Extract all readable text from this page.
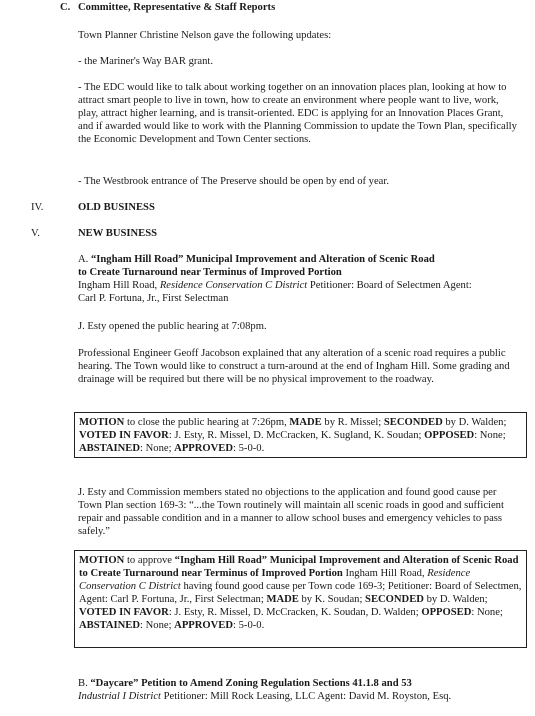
C. Committee, Representative & Staff Reports

Town Planner Christine Nelson gave the following updates:

- the Mariner's Way BAR grant.

- The EDC would like to talk about working together on an innovation places plan, looking at how to attract smart people to live in town, how to create an environment where people want to live, work, play, attract higher learning, and is transit-oriented. EDC is applying for an Innovation Places Grant, and if awarded would like to work with the Planning Commission to update the Town Plan, specifically the Economic Development and Town Center sections.

- The Westbrook entrance of The Preserve should be open by end of year.

IV.	OLD BUSINESS
V.	NEW BUSINESS
A. “Ingham Hill Road” Municipal Improvement and Alteration of Scenic Road
to Create Turnaround near Terminus of Improved Portion
Ingham Hill Road, Residence Conservation C District Petitioner: Board of Selectmen Agent:
Carl P. Fortuna, Jr., First Selectman

J. Esty opened the public hearing at 7:08pm.

Professional Engineer Geoff Jacobson explained that any alteration of a scenic road requires a public hearing. The Town would like to construct a turn-around at the end of Ingham Hill. Some grading and drainage will be required but there will be no physical improvement to the roadway.

MOTION to close the public hearing at 7:26pm, MADE by R. Missel; SECONDED by D. Walden; VOTED IN FAVOR: J. Esty, R. Missel, D. McCracken, K. Sugland, K. Soudan; OPPOSED: None; ABSTAINED: None; APPROVED: 5-0-0.

J. Esty and Commission members stated no objections to the application and found good cause per Town Plan section 169-3: “...the Town routinely will maintain all scenic roads in good and sufficient repair and passable condition and in a manner to allow school buses and emergency vehicles to pass safely.”

MOTION to approve “Ingham Hill Road” Municipal Improvement and Alteration of Scenic Road to Create Turnaround near Terminus of Improved Portion Ingham Hill Road, Residence Conservation C District having found good cause per Town code 169-3; Petitioner: Board of Selectmen, Agent: Carl P. Fortuna, Jr., First Selectman; MADE by K. Soudan; SECONDED by D. Walden; VOTED IN FAVOR: J. Esty, R. Missel, D. McCracken, K. Soudan, D. Walden; OPPOSED: None; ABSTAINED: None; APPROVED: 5-0-0.

B. “Daycare” Petition to Amend Zoning Regulation Sections 41.1.8 and 53
Industrial I District Petitioner: Mill Rock Leasing, LLC Agent: David M. Royston, Esq.
